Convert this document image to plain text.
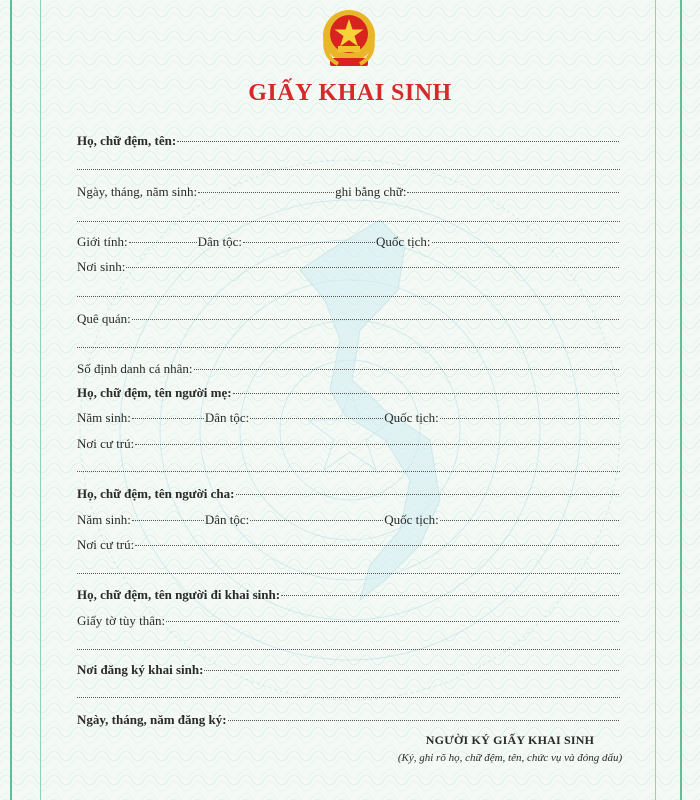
GIẤY KHAI SINH
Họ, chữ đệm, tên:
Ngày, tháng, năm sinh:	ghi bằng chữ:
Giới tính:	Dân tộc:	Quốc tịch:
Nơi sinh:
Quê quán:
Số định danh cá nhân:
Họ, chữ đệm, tên người mẹ:
Năm sinh:	Dân tộc:	Quốc tịch:
Nơi cư trú:
Họ, chữ đệm, tên người cha:
Năm sinh:	Dân tộc:	Quốc tịch:
Nơi cư trú:
Họ, chữ đệm, tên người đi khai sinh:
Giấy tờ tùy thân:
Nơi đăng ký khai sinh:
Ngày, tháng, năm đăng ký:
NGƯỜI KÝ GIẤY KHAI SINH
(Ký, ghi rõ họ, chữ đệm, tên, chức vụ và đóng dấu)
